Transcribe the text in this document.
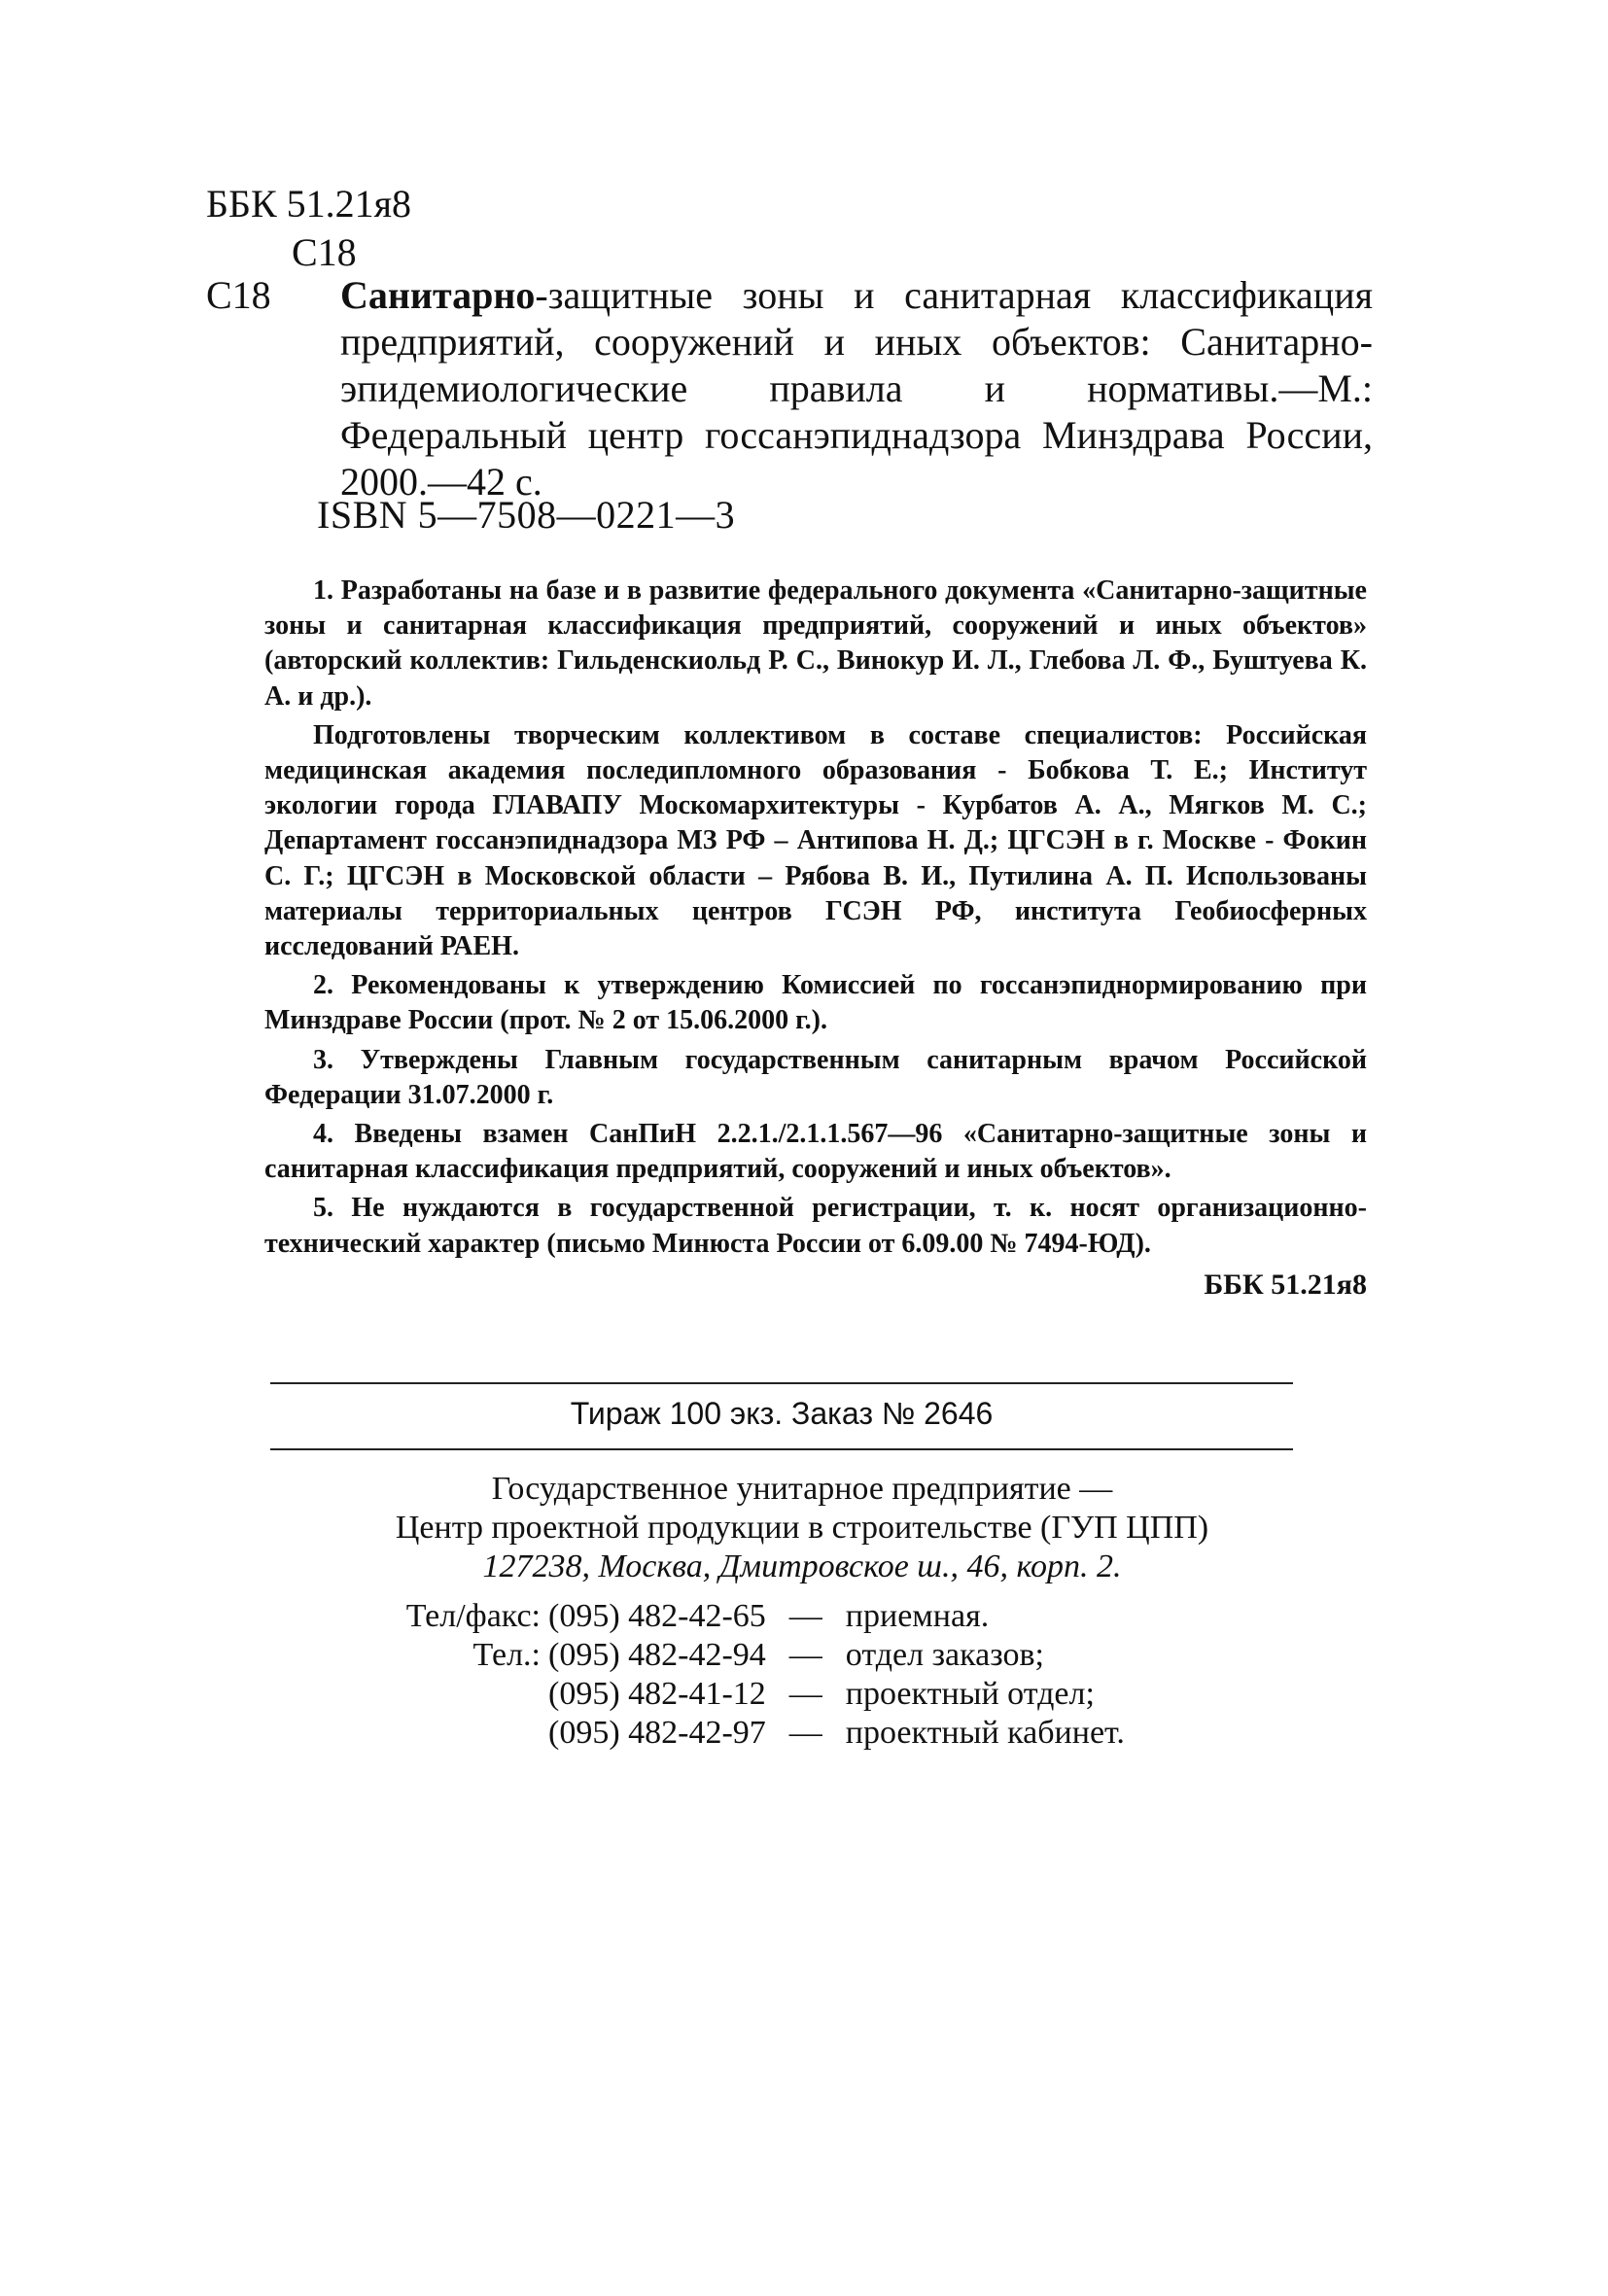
ББК 51.21я8
С18
С18 Санитарно-защитные зоны и санитарная классификация предприятий, сооружений и иных объектов: Санитарно-эпидемиологические правила и нормативы.—М.: Федеральный центр госсанэпиднадзора Минздрава России, 2000.—42 с.
ISBN 5—7508—0221—3

1. Разработаны на базе и в развитие федерального документа «Санитарно-защитные зоны и санитарная классификация предприятий, сооружений и иных объектов» (авторский коллектив: Гильденскиольд Р. С., Винокур И. Л., Глебова Л. Ф., Буштуева К. А. и др.).

Подготовлены творческим коллективом в составе специалистов: Российская медицинская академия последипломного образования - Бобкова Т. Е.; Институт экологии города ГЛАВАПУ Москомархитектуры - Курбатов А. А., Мягков М. С.; Департамент госсанэпиднадзора МЗ РФ – Антипова Н. Д.; ЦГСЭН в г. Москве - Фокин С. Г.; ЦГСЭН в Московской области – Рябова В. И., Путилина А. П. Использованы материалы территориальных центров ГСЭН РФ, института Геобиосферных исследований РАЕН.

2. Рекомендованы к утверждению Комиссией по госсанэпиднормированию при Минздраве России (прот. № 2 от 15.06.2000 г.).

3. Утверждены Главным государственным санитарным врачом Российской Федерации 31.07.2000 г.

4. Введены взамен СанПиН 2.2.1./2.1.1.567—96 «Санитарно-защитные зоны и санитарная классификация предприятий, сооружений и иных объектов».

5. Не нуждаются в государственной регистрации, т. к. носят организационно-технический характер (письмо Минюста России от 6.09.00 № 7494-ЮД).

ББК 51.21я8
Тираж 100 экз. Заказ № 2646
Государственное унитарное предприятие —
Центр проектной продукции в строительстве (ГУП ЦПП)
127238, Москва, Дмитровское ш., 46, корп. 2.
Тел/факс:	(095) 482-42-65	—	приемная.
Тел.:	(095) 482-42-94	—	отдел заказов;
	(095) 482-41-12	—	проектный отдел;
	(095) 482-42-97	—	проектный кабинет.
